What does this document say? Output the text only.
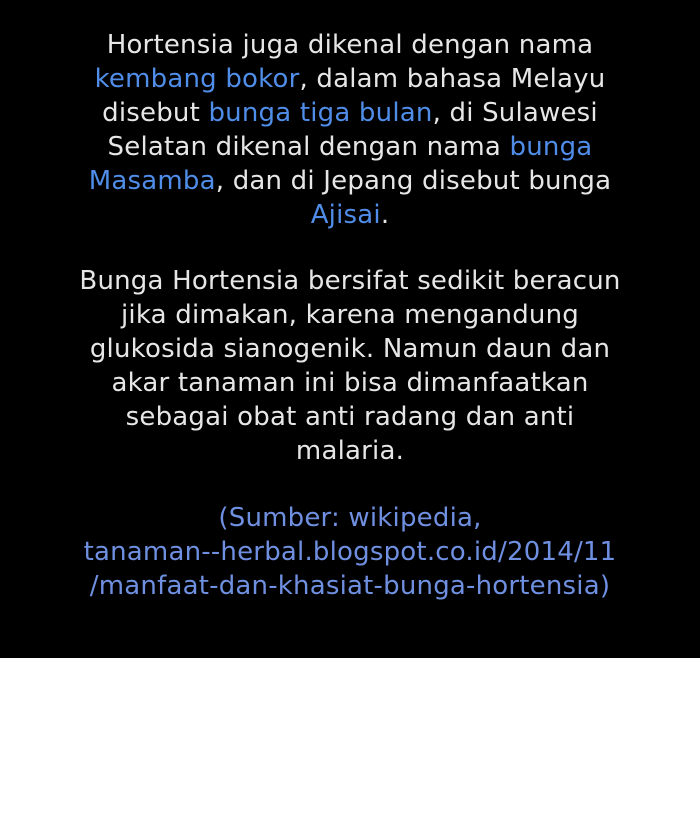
Hortensia juga dikenal dengan nama
kembang bokor, dalam bahasa Melayu
disebut bunga tiga bulan, di Sulawesi
Selatan dikenal dengan nama bunga
Masamba, dan di Jepang disebut bunga
Ajisai.
Bunga Hortensia bersifat sedikit beracun
jika dimakan, karena mengandung
glukosida sianogenik. Namun daun dan
akar tanaman ini bisa dimanfaatkan
sebagai obat anti radang dan anti
malaria.
(Sumber: wikipedia,
tanaman--herbal.blogspot.co.id/2014/11
/manfaat-dan-khasiat-bunga-hortensia)
